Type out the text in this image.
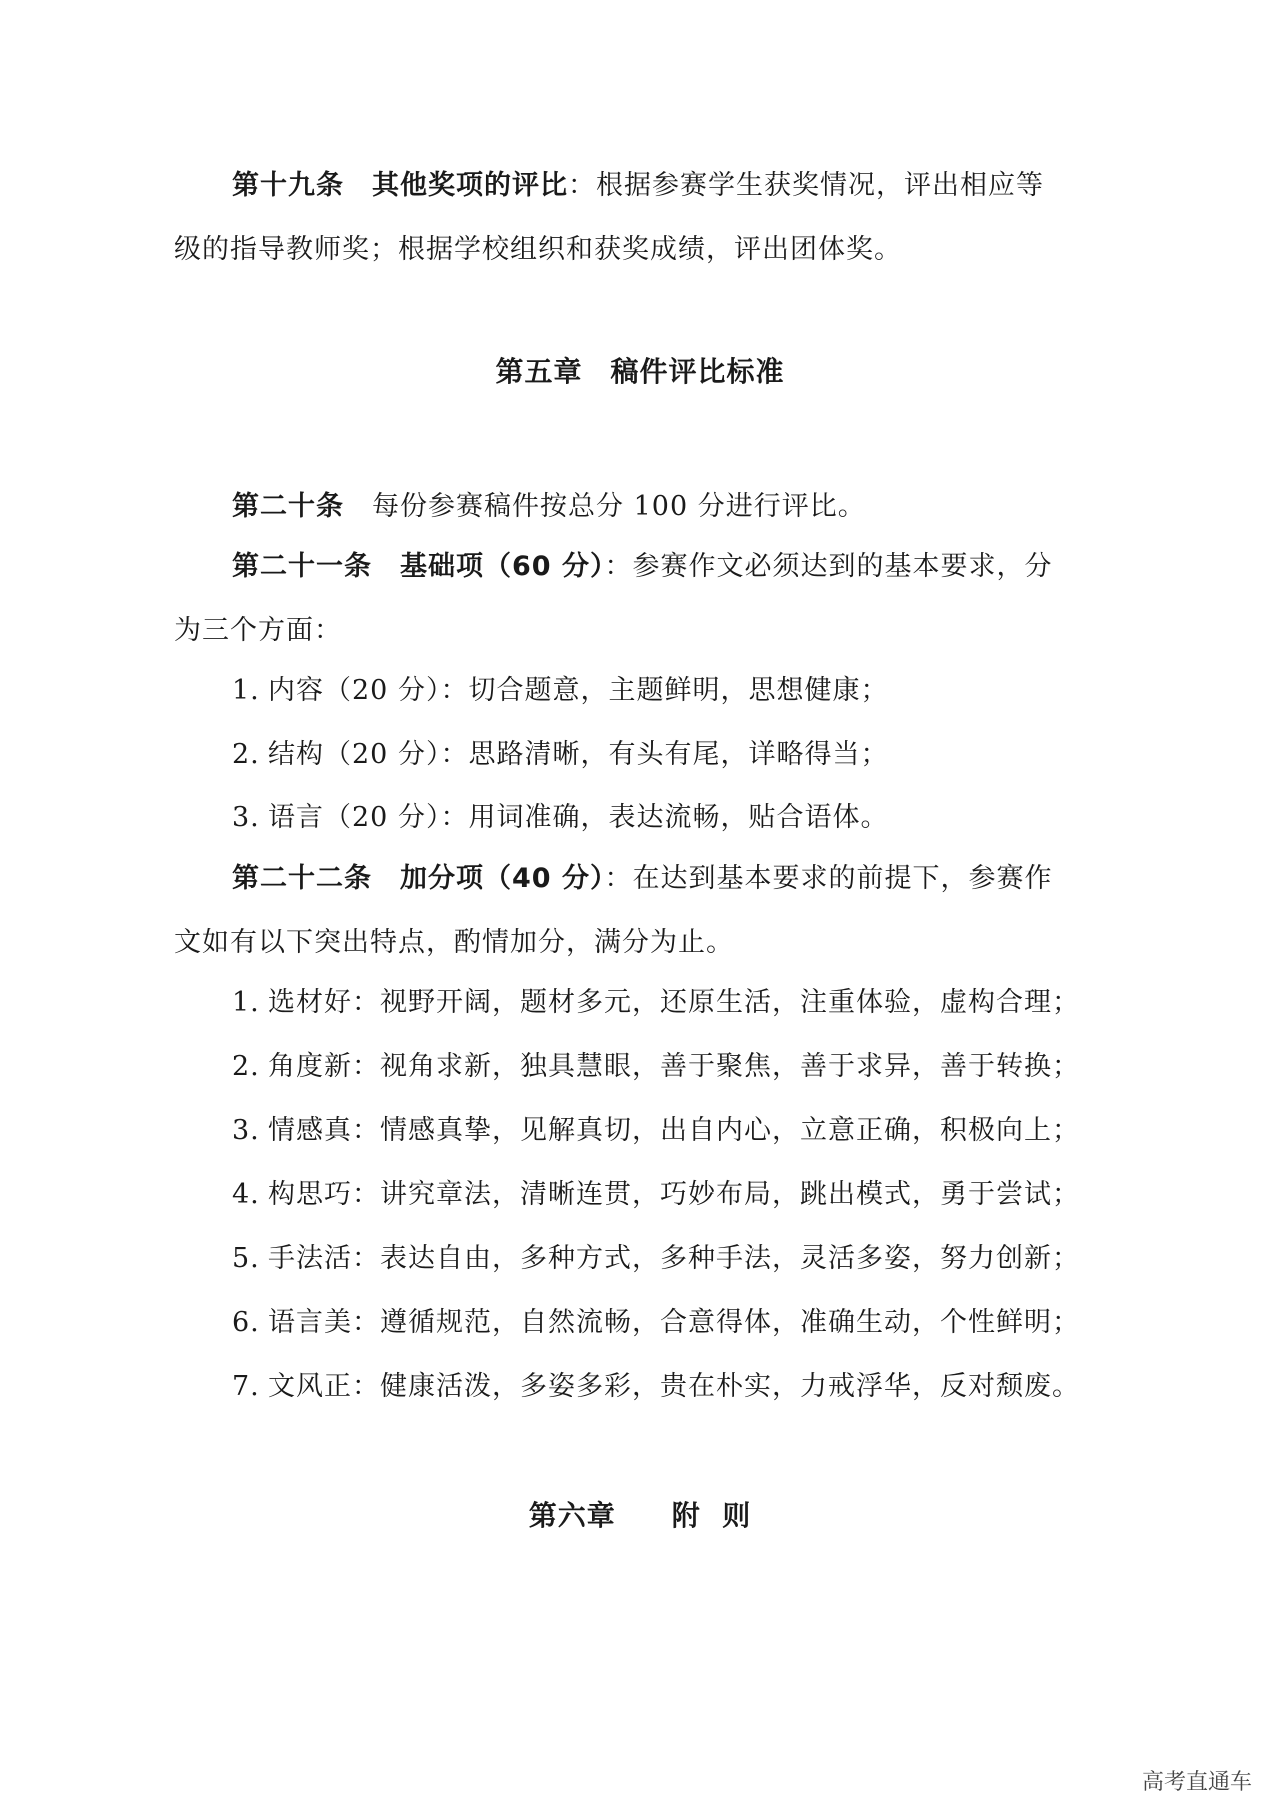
第十九条 其他奖项的评比：根据参赛学生获奖情况，评出相应等
级的指导教师奖；根据学校组织和获奖成绩，评出团体奖。
第五章 稿件评比标准
第二十条 每份参赛稿件按总分 100 分进行评比。
第二十一条 基础项（60 分）：参赛作文必须达到的基本要求，分
为三个方面：
1. 内容（20 分）：切合题意，主题鲜明，思想健康；
2. 结构（20 分）：思路清晰，有头有尾，详略得当；
3. 语言（20 分）：用词准确，表达流畅，贴合语体。
第二十二条 加分项（40 分）：在达到基本要求的前提下，参赛作
文如有以下突出特点，酌情加分，满分为止。
1. 选材好：视野开阔，题材多元，还原生活，注重体验，虚构合理；
2. 角度新：视角求新，独具慧眼，善于聚焦，善于求异，善于转换；
3. 情感真：情感真挚，见解真切，出自内心，立意正确，积极向上；
4. 构思巧：讲究章法，清晰连贯，巧妙布局，跳出模式，勇于尝试；
5. 手法活：表达自由，多种方式，多种手法，灵活多姿，努力创新；
6. 语言美：遵循规范，自然流畅，合意得体，准确生动，个性鲜明；
7. 文风正：健康活泼，多姿多彩，贵在朴实，力戒浮华，反对颓废。
第六章 附  则
高考直通车
